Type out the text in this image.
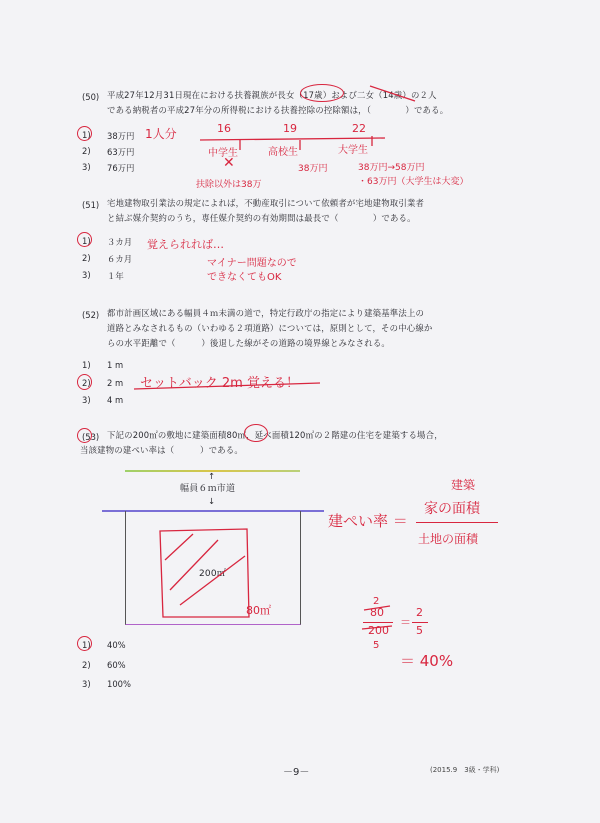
(50) 平成27年12月31日現在における扶養親族が長女（17歳）および二女（14歳）の２人
である納税者の平成27年分の所得税における扶養控除の控除額は，（　　　　）である。
1) 38万円
2) 63万円
3) 76万円
1人分	16	19	22
中学生	高校生	大学生
✕	38万円	38万円→58万円
・63万円（大学生は大変）
扶除以外は38万
(51) 宅地建物取引業法の規定によれば，不動産取引について依頼者が宅地建物取引業者
と結ぶ媒介契約のうち，専任媒介契約の有効期間は最長で（　　　　）である。
1) ３カ月
2) ６カ月
3) １年
覚えられれば…
マイナー問題なので
できなくてもOK
(52) 都市計画区域にある幅員４ｍ未満の道で，特定行政庁の指定により建築基準法上の
道路とみなされるもの（いわゆる２項道路）については，原則として，その中心線か
らの水平距離で（　　　）後退した線がその道路の境界線とみなされる。
1) 1 m
2) 2 m
3) 4 m
セットバック 2m 覚える！
(53) 下記の200㎡の敷地に建築面積80㎡，延べ面積120㎡の２階建の住宅を建築する場合，
当該建物の建ぺい率は（　　　）である。
↑
幅員６ｍ市道
↓
200㎡
1) 40%
2) 60%
3) 100%
80㎡
建ぺい率 ＝
建築
家の面積
土地の面積
2
80
200
5
＝
2
5
＝ 40%
－9－	(2015.9　3級・学科)
